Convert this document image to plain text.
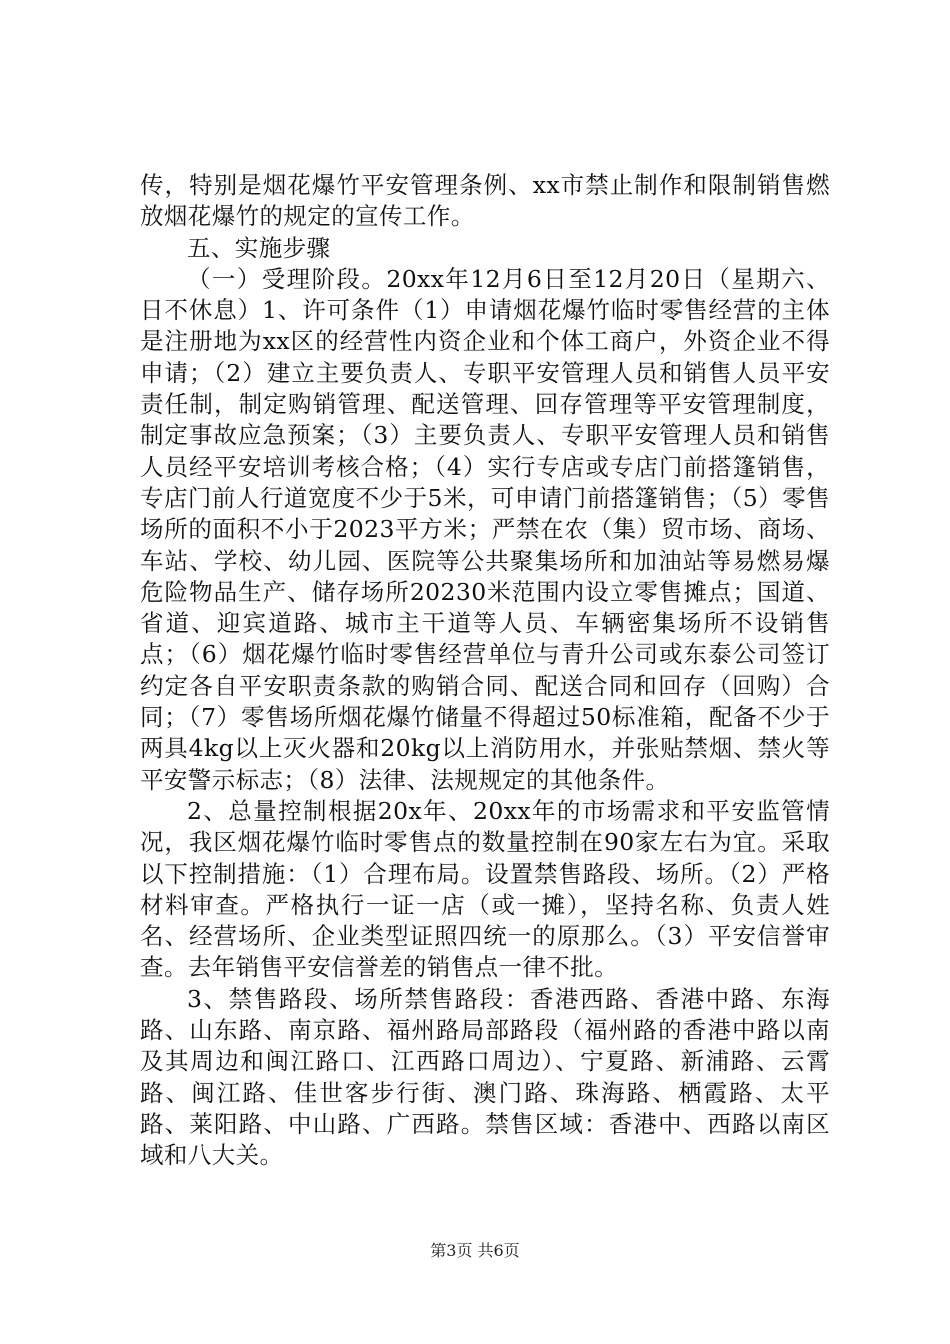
传，特别是烟花爆竹平安管理条例、xx市禁止制作和限制销售燃放烟花爆竹的规定的宣传工作。

五、实施步骤

（一）受理阶段。20xx年12月6日至12月20日（星期六、日不休息）1、许可条件（1）申请烟花爆竹临时零售经营的主体是注册地为xx区的经营性内资企业和个体工商户，外资企业不得申请；（2）建立主要负责人、专职平安管理人员和销售人员平安责任制，制定购销管理、配送管理、回存管理等平安管理制度，制定事故应急预案；（3）主要负责人、专职平安管理人员和销售人员经平安培训考核合格；（4）实行专店或专店门前搭篷销售，专店门前人行道宽度不少于5米，可申请门前搭篷销售；（5）零售场所的面积不小于2023平方米；严禁在农（集）贸市场、商场、车站、学校、幼儿园、医院等公共聚集场所和加油站等易燃易爆危险物品生产、储存场所20230米范围内设立零售摊点；国道、省道、迎宾道路、城市主干道等人员、车辆密集场所不设销售点；（6）烟花爆竹临时零售经营单位与青升公司或东泰公司签订约定各自平安职责条款的购销合同、配送合同和回存（回购）合同；（7）零售场所烟花爆竹储量不得超过50标准箱，配备不少于两具4kg以上灭火器和20kg以上消防用水，并张贴禁烟、禁火等平安警示标志；（8）法律、法规规定的其他条件。

2、总量控制根据20x年、20xx年的市场需求和平安监管情况，我区烟花爆竹临时零售点的数量控制在90家左右为宜。采取以下控制措施：（1）合理布局。设置禁售路段、场所。（2）严格材料审查。严格执行一证一店（或一摊），坚持名称、负责人姓名、经营场所、企业类型证照四统一的原那么。（3）平安信誉审查。去年销售平安信誉差的销售点一律不批。

3、禁售路段、场所禁售路段：香港西路、香港中路、东海路、山东路、南京路、福州路局部路段（福州路的香港中路以南及其周边和闽江路口、江西路口周边）、宁夏路、新浦路、云霄路、闽江路、佳世客步行街、澳门路、珠海路、栖霞路、太平路、莱阳路、中山路、广西路。禁售区域：香港中、西路以南区域和八大关。

第3页 共6页
